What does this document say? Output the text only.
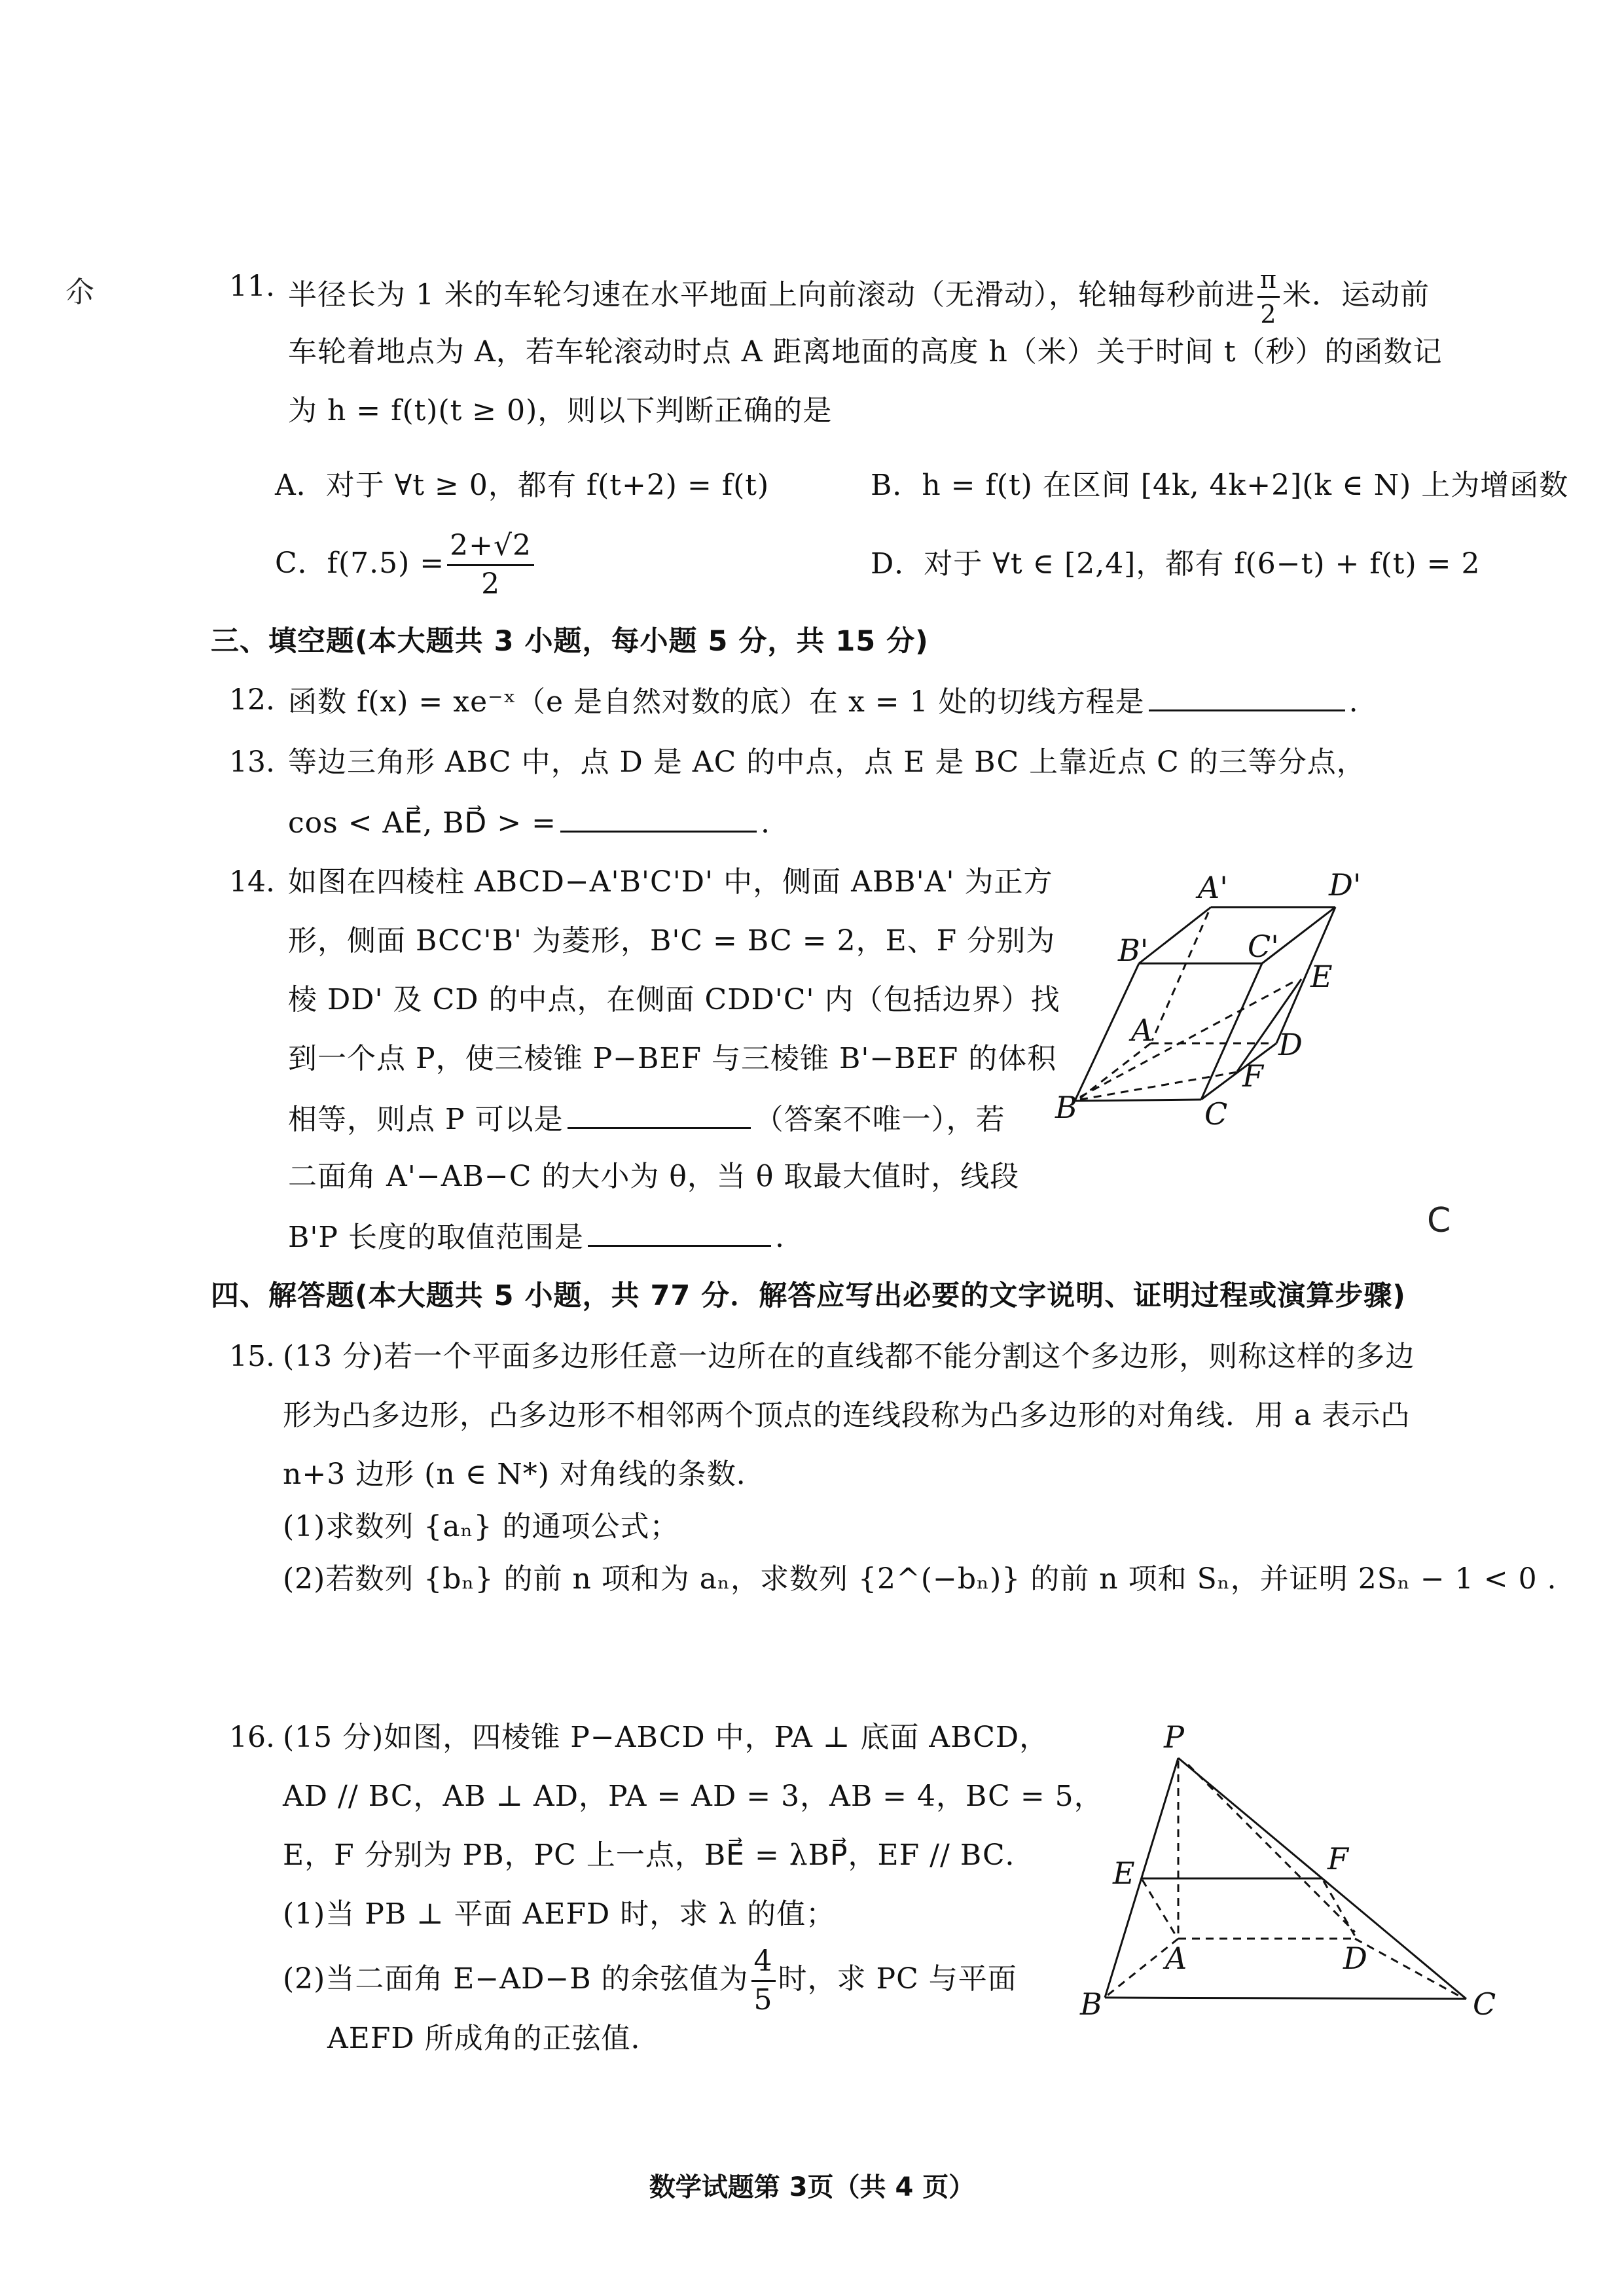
尒
C
11. 半径长为 1 米的车轮匀速在水平地面上向前滚动（无滑动），轮轴每秒前进 $\frac{\pi}{2}$ 米．运动前
车轮着地点为 A，若车轮滚动时点 A 距离地面的高度 h（米）关于时间 t（秒）的函数记
为 h = f(t)(t ≥ 0)，则以下判断正确的是
A．对于 ∀t ≥ 0，都有 f(t+2) = f(t)	B．h = f(t) 在区间 [4k, 4k+2](k ∈ N) 上为增函数
C．$f(7.5) = \frac{2+√2}{2}$	D．对于 ∀t ∈ [2,4]，都有 f(6−t) + f(t) = 2
三、填空题(本大题共 3 小题，每小题 5 分，共 15 分)
12. 函数 f(x) = xe⁻ˣ（e 是自然对数的底）在 x = 1 处的切线方程是	.
13. 等边三角形 ABC 中，点 D 是 AC 的中点，点 E 是 BC 上靠近点 C 的三等分点，
cos < AE⃗, BD⃗ > =	.
14. 如图在四棱柱 ABCD−A'B'C'D' 中，侧面 ABB'A' 为正方
形，侧面 BCC'B' 为菱形，B'C = BC = 2，E、F 分别为
棱 DD' 及 CD 的中点，在侧面 CDD'C' 内（包括边界）找
到一个点 P，使三棱锥 P−BEF 与三棱锥 B'−BEF 的体积
相等，则点 P 可以是	（答案不唯一），若
二面角 A'−AB−C 的大小为 θ，当 θ 取最大值时，线段
B'P 长度的取值范围是	.
A'	D'
B'	C'
E
A	D
F
B	C
四、解答题(本大题共 5 小题，共 77 分．解答应写出必要的文字说明、证明过程或演算步骤)
15. (13 分)若一个平面多边形任意一边所在的直线都不能分割这个多边形，则称这样的多边
形为凸多边形，凸多边形不相邻两个顶点的连线段称为凸多边形的对角线．用 a 表示凸
n+3 边形 (n ∈ N*) 对角线的条数．
(1)求数列 {aₙ} 的通项公式；
(2)若数列 {bₙ} 的前 n 项和为 aₙ，求数列 {2^(−bₙ)} 的前 n 项和 Sₙ，并证明 2Sₙ − 1 < 0 .
16. (15 分)如图，四棱锥 P−ABCD 中，PA ⊥ 底面 ABCD，
AD // BC，AB ⊥ AD，PA = AD = 3，AB = 4，BC = 5，
E，F 分别为 PB，PC 上一点，BE⃗ = λBP⃗，EF // BC．
(1)当 PB ⊥ 平面 AEFD 时，求 λ 的值；
(2)当二面角 E−AD−B 的余弦值为 $\frac{4}{5}$ 时，求 PC 与平面
AEFD 所成角的正弦值．
P
E	F
A	D
B	C
数学试题第 3页（共 4 页）
